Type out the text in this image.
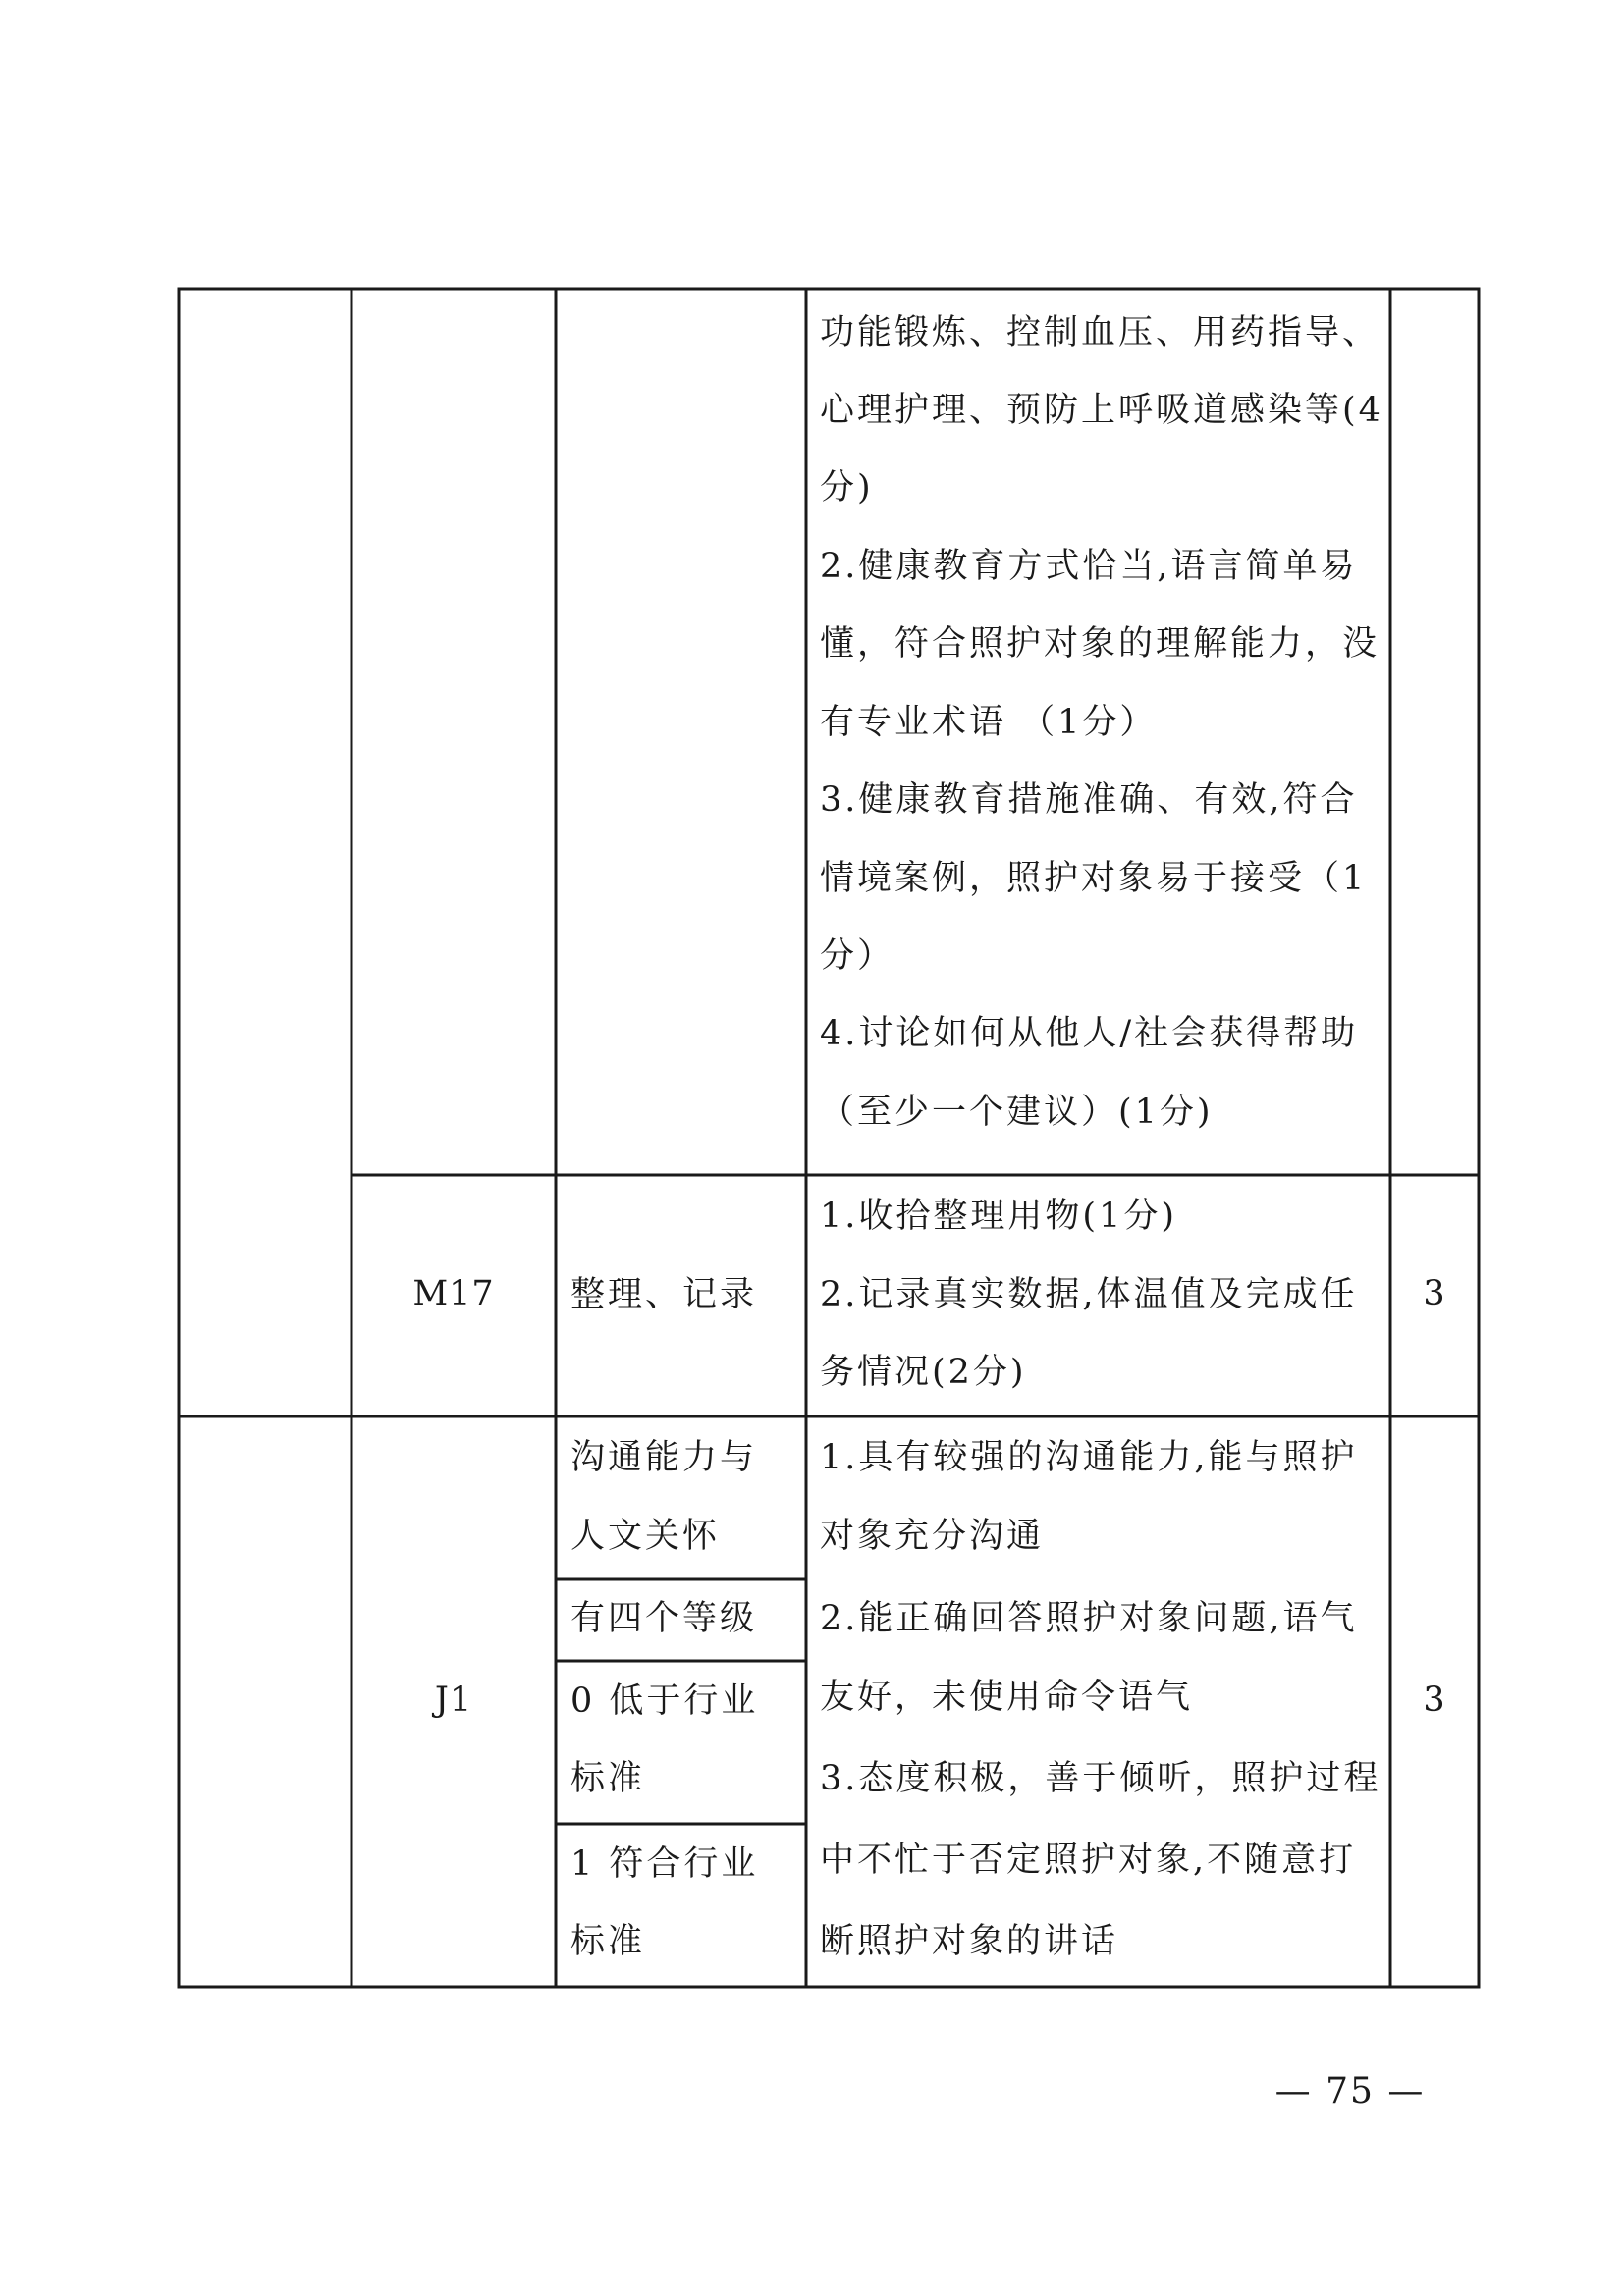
功能锻炼、控制血压、用药指导、

心理护理、预防上呼吸道感染等(4

分)

2.健康教育方式恰当,语言简单易

懂，符合照护对象的理解能力，没

有专业术语 （1分）

3.健康教育措施准确、有效,符合

情境案例，照护对象易于接受（1

分）

4.讨论如何从他人/社会获得帮助

（至少一个建议）(1分)

M17	整理、记录

1.收拾整理用物(1分)

2.记录真实数据,体温值及完成任

务情况(2分)

3
J1

沟通能力与

人文关怀

有四个等级

0 低于行业

标准

1 符合行业

标准

1.具有较强的沟通能力,能与照护

对象充分沟通

2.能正确回答照护对象问题,语气

友好，未使用命令语气

3.态度积极，善于倾听，照护过程

中不忙于否定照护对象,不随意打

断照护对象的讲话

3
— 75 —
